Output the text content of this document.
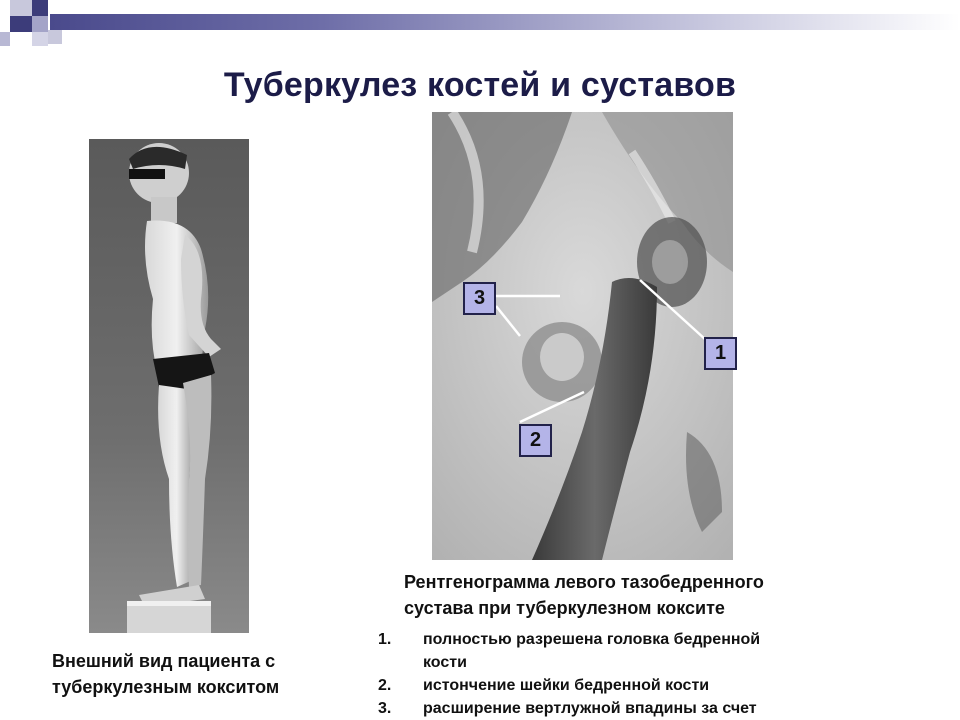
Туберкулез костей и суставов
3
1
2
Внешний вид пациента с
туберкулезным кокситом
Рентгенограмма левого тазобедренного
сустава при туберкулезном коксите
1.	полностью разрешена головка бедренной
кости
2.	истончение шейки бедренной кости
3.	расширение вертлужной впадины за счет
